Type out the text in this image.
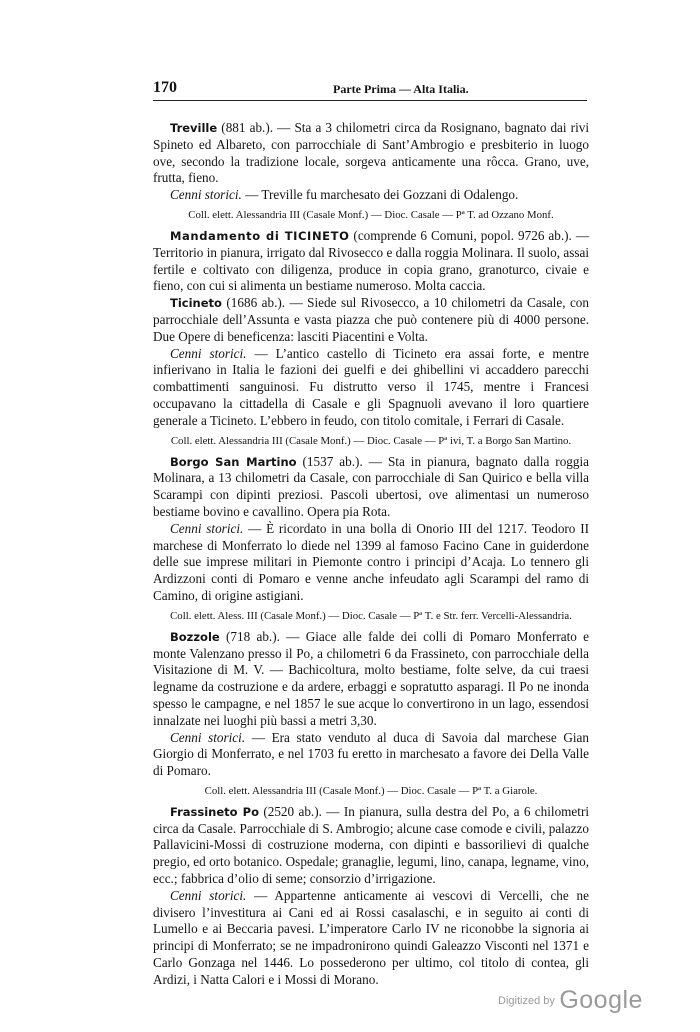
170	Parte Prima — Alta Italia.

Treville (881 ab.). — Sta a 3 chilometri circa da Rosignano, bagnato dai rivi Spineto ed Albareto, con parrocchiale di Sant’Ambrogio e presbiterio in luogo ove, secondo la tradizione locale, sorgeva anticamente una rôcca. Grano, uve, frutta, fieno.

Cenni storici. — Treville fu marchesato dei Gozzani di Odalengo.

Coll. elett. Alessandria III (Casale Monf.) — Dioc. Casale — Pª T. ad Ozzano Monf.

Mandamento di TICINETO (comprende 6 Comuni, popol. 9726 ab.). — Territorio in pianura, irrigato dal Rivosecco e dalla roggia Molinara. Il suolo, assai fertile e coltivato con diligenza, produce in copia grano, granoturco, civaie e fieno, con cui si alimenta un bestiame numeroso. Molta caccia.

Ticineto (1686 ab.). — Siede sul Rivosecco, a 10 chilometri da Casale, con parrocchiale dell’Assunta e vasta piazza che può contenere più di 4000 persone. Due Opere di beneficenza: lasciti Piacentini e Volta.

Cenni storici. — L’antico castello di Ticineto era assai forte, e mentre infierivano in Italia le fazioni dei guelfi e dei ghibellini vi accaddero parecchi combattimenti sanguinosi. Fu distrutto verso il 1745, mentre i Francesi occupavano la cittadella di Casale e gli Spagnuoli avevano il loro quartiere generale a Ticineto. L’ebbero in feudo, con titolo comitale, i Ferrari di Casale.

Coll. elett. Alessandria III (Casale Monf.) — Dioc. Casale — Pª ivi, T. a Borgo San Martino.

Borgo San Martino (1537 ab.). — Sta in pianura, bagnato dalla roggia Molinara, a 13 chilometri da Casale, con parrocchiale di San Quirico e bella villa Scarampi con dipinti preziosi. Pascoli ubertosi, ove alimentasi un numeroso bestiame bovino e cavallino. Opera pia Rota.

Cenni storici. — È ricordato in una bolla di Onorio III del 1217. Teodoro II marchese di Monferrato lo diede nel 1399 al famoso Facino Cane in guiderdone delle sue imprese militari in Piemonte contro i principi d’Acaja. Lo tennero gli Ardizzoni conti di Pomaro e venne anche infeudato agli Scarampi del ramo di Camino, di origine astigiani.

Coll. elett. Aless. III (Casale Monf.) — Dioc. Casale — Pª T. e Str. ferr. Vercelli-Alessandria.

Bozzole (718 ab.). — Giace alle falde dei colli di Pomaro Monferrato e monte Valenzano presso il Po, a chilometri 6 da Frassineto, con parrocchiale della Visitazione di M. V. — Bachicoltura, molto bestiame, folte selve, da cui traesi legname da costruzione e da ardere, erbaggi e sopratutto asparagi. Il Po ne inonda spesso le campagne, e nel 1857 le sue acque lo convertirono in un lago, essendosi innalzate nei luoghi più bassi a metri 3,30.

Cenni storici. — Era stato venduto al duca di Savoia dal marchese Gian Giorgio di Monferrato, e nel 1703 fu eretto in marchesato a favore dei Della Valle di Pomaro.

Coll. elett. Alessandria III (Casale Monf.) — Dioc. Casale — Pª T. a Giarole.

Frassineto Po (2520 ab.). — In pianura, sulla destra del Po, a 6 chilometri circa da Casale. Parrocchiale di S. Ambrogio; alcune case comode e civili, palazzo Pallavicini-Mossi di costruzione moderna, con dipinti e bassorilievi di qualche pregio, ed orto botanico. Ospedale; granaglie, legumi, lino, canapa, legname, vino, ecc.; fabbrica d’olio di seme; consorzio d’irrigazione.

Cenni storici. — Appartenne anticamente ai vescovi di Vercelli, che ne divisero l’investitura ai Cani ed ai Rossi casalaschi, e in seguito ai conti di Lumello e ai Beccaria pavesi. L’imperatore Carlo IV ne riconobbe la signoria ai principi di Monferrato; se ne impadronirono quindi Galeazzo Visconti nel 1371 e Carlo Gonzaga nel 1446. Lo possederono per ultimo, col titolo di contea, gli Ardizi, i Natta Calori e i Mossi di Morano.

$^{Digitized by}$ Google
